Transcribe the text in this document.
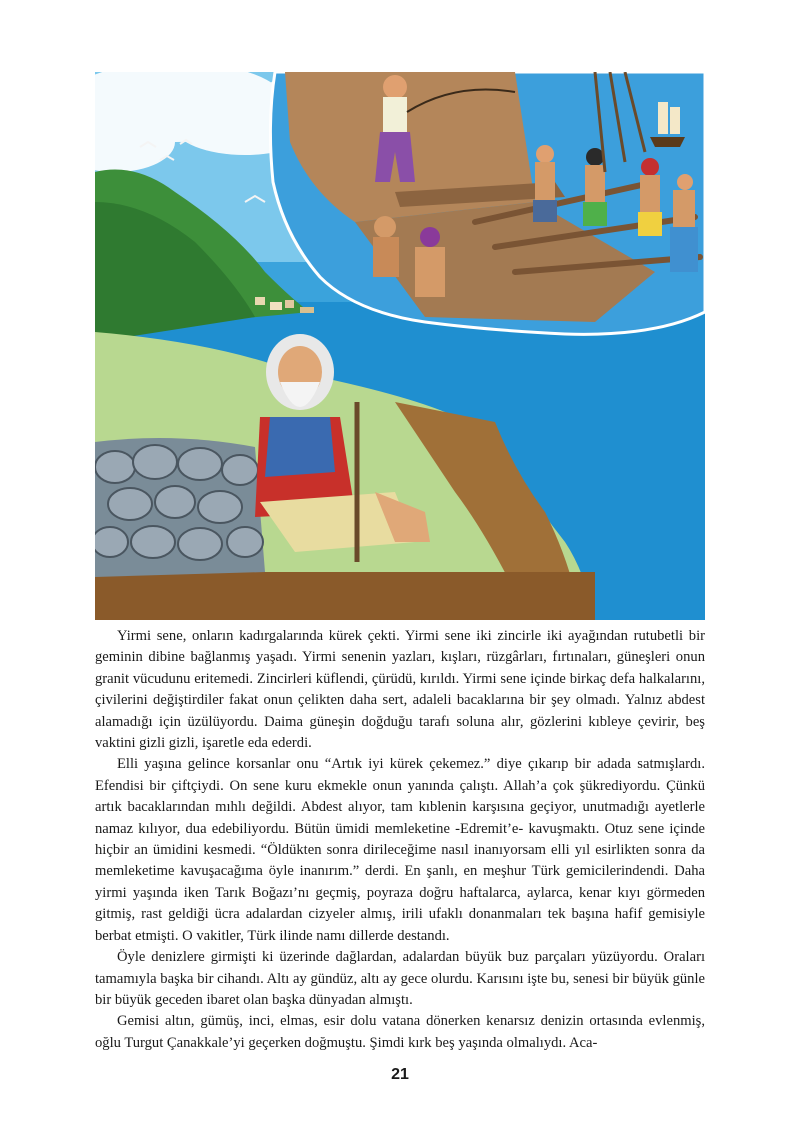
Yirmi sene, onların kadırgalarında kürek çekti. Yirmi sene iki zincirle iki ayağından rutubetli bir geminin dibine bağlanmış yaşadı. Yirmi senenin yazları, kışları, rüzgârları, fırtınaları, güneşleri onun granit vücudunu eritemedi. Zincirleri küflendi, çürüdü, kırıldı. Yirmi sene içinde birkaç defa halkalarını, çivilerini değiştirdiler fakat onun çelikten daha sert, adaleli bacaklarına bir şey olmadı. Yalnız abdest alamadığı için üzülüyordu. Daima güneşin doğduğu tarafı soluna alır, gözlerini kıbleye çevirir, beş vaktini gizli gizli, işaretle eda ederdi.

Elli yaşına gelince korsanlar onu “Artık iyi kürek çekemez.” diye çıkarıp bir adada satmışlardı. Efendisi bir çiftçiydi. On sene kuru ekmekle onun yanında çalıştı. Allah’a çok şükrediyordu. Çünkü artık bacaklarından mıhlı değildi. Abdest alıyor, tam kıblenin karşısına geçiyor, unutmadığı ayetlerle namaz kılıyor, dua edebiliyordu. Bütün ümidi memleketine -Edremit’e- kavuşmaktı. Otuz sene içinde hiçbir an ümidini kesmedi. “Öldükten sonra dirileceğime nasıl inanıyorsam elli yıl esirlikten sonra da memleketime kavuşacağıma öyle inanırım.” derdi. En şanlı, en meşhur Türk gemicilerindendi. Daha yirmi yaşında iken Tarık Boğazı’nı geçmiş, poyraza doğru haftalarca, aylarca, kenar kıyı görmeden gitmiş, rast geldiği ücra adalardan cizyeler almış, irili ufaklı donanmaları tek başına hafif gemisiyle berbat etmişti. O vakitler, Türk ilinde namı dillerde destandı.

Öyle denizlere girmişti ki üzerinde dağlardan, adalardan büyük buz parçaları yüzüyordu. Oraları tamamıyla başka bir cihandı. Altı ay gündüz, altı ay gece olurdu. Karısını işte bu, senesi bir büyük günle bir büyük geceden ibaret olan başka dünyadan almıştı.

Gemisi altın, gümüş, inci, elmas, esir dolu vatana dönerken kenarsız denizin ortasında evlenmiş, oğlu Turgut Çanakkale’yi geçerken doğmuştu. Şimdi kırk beş yaşında olmalıydı. Aca-

21
